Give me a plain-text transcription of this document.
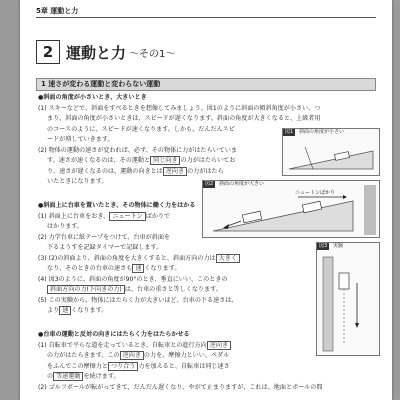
5章 運動と力
2 運動と力 〜その1〜
1 速さが変わる運動と変わらない運動
●斜面の角度が小さいとき、大きいとき
(1) スキーなどで、斜面をすべるときを想像してみましょう。図1のように斜面の傾斜角度が小さい、つ
まり、斜面の角度が小さいときは、スピードが遅くなります。斜面の角度が大きくなると、上級者用
のコースのように、スピードが速くなります。しかも、だんだんスピ
ードが増していきます。
(2) 物体の運動の速さが変われば、必ず、その物体に力がはたらいていま
す。速さが速くなるのは、その運動と 同じ向き の力がはたらいてお
り、速さが遅くなるのは、運動の向きとは 逆向き の力がはたら
いたときになります。
図1	斜面の角度が小さい
●斜面上に台車を置いたとき、その物体に働く力をはかる
(1) 斜面上に台車をおき、 ニュートン ばかりで
はかります。
(2) 力学台車に紙テープをつけて、台車が斜面を
下るようすを記録タイマーで記録します。
(3) (2)の斜面より、斜面の角度を大きくすると、斜面方向の力は 大きく
なり、そのときの台車の速さも 速 くなります。
(4) 図3のように、斜面の角度が90°のとき、垂直にいい、このときの
斜面方向の力(下向きの力) は、台車の重さと等しくなります。
(5) この実験から、物体にはたらく力が大きいほど、台車の下る速さは、
より 速 くなります。
図2	斜面の角度が大きい
ニュートンばかり
図3	実験
●台車の運動と反対の向きにはたらく力をはたらかせる
(1) 自転車で平らな道を走っているとき、自転車との進行方向 逆向き
の力がはたらきます。この 逆向き の力を、摩擦力といい、ペダル
をふんでこの摩擦力と つり合う 力を加えると、自転車は同じ速さ
の 等速運動 を続けます。
(2) ゴルフボールが転がってきて、だんだん遅くなり、やがて止まりますが、これは、地面とボールの間
